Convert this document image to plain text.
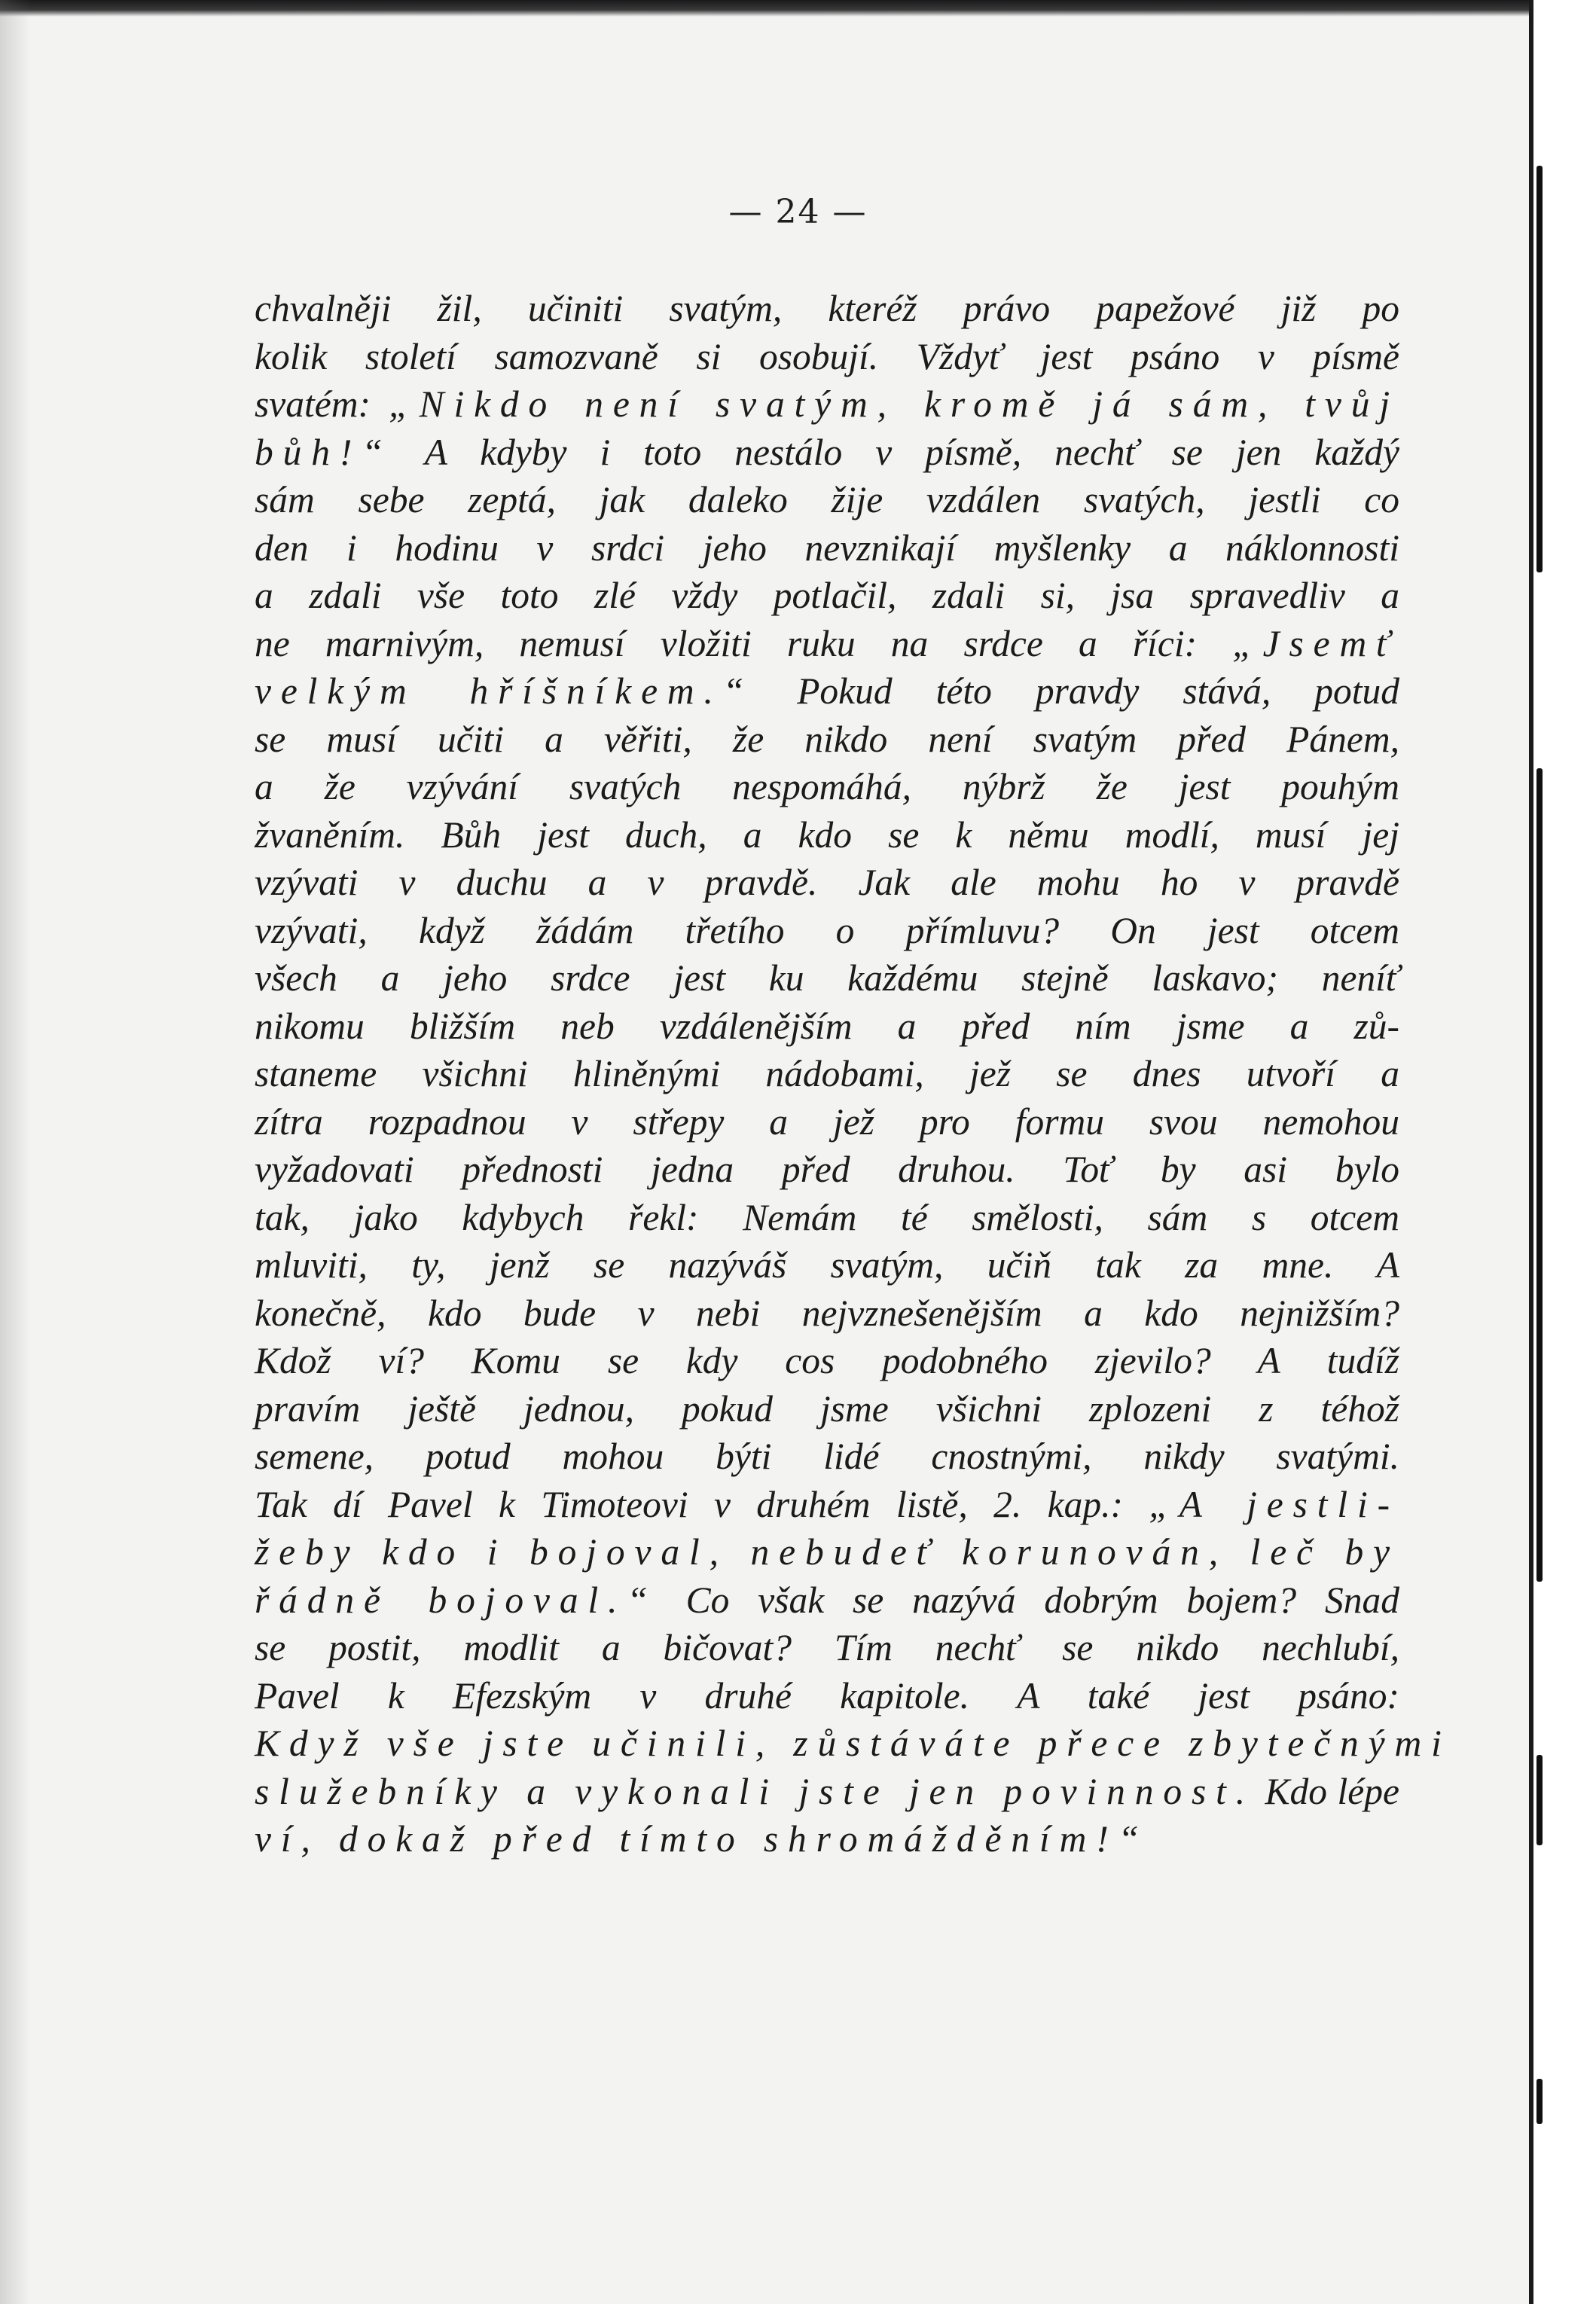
— 24 —

chvalněji žil, učiniti svatým, kteréž právo papežové již po
kolik století samozvaně si osobují. Vždyť jest psáno v písmě
svatém: „Nikdo není svatým, kromě já sám, tvůj
bůh!“ A kdyby i toto nestálo v písmě, nechť se jen každý
sám sebe zeptá, jak daleko žije vzdálen svatých, jestli co
den i hodinu v srdci jeho nevznikají myšlenky a náklonnosti
a zdali vše toto zlé vždy potlačil, zdali si, jsa spravedliv a
ne marnivým, nemusí vložiti ruku na srdce a říci: „Jsemť
velkým hříšníkem.“ Pokud této pravdy stává, potud
se musí učiti a věřiti, že nikdo není svatým před Pánem,
a že vzývání svatých nespomáhá, nýbrž že jest pouhým
žvaněním. Bůh jest duch, a kdo se k němu modlí, musí jej
vzývati v duchu a v pravdě. Jak ale mohu ho v pravdě
vzývati, když žádám třetího o přímluvu? On jest otcem
všech a jeho srdce jest ku každému stejně laskavo; neníť
nikomu bližším neb vzdálenějším a před ním jsme a zů-
staneme všichni hliněnými nádobami, jež se dnes utvoří a
zítra rozpadnou v střepy a jež pro formu svou nemohou
vyžadovati přednosti jedna před druhou. Toť by asi bylo
tak, jako kdybych řekl: Nemám té smělosti, sám s otcem
mluviti, ty, jenž se nazýváš svatým, učiň tak za mne. A
konečně, kdo bude v nebi nejvznešenějším a kdo nejnižším?
Kdož ví? Komu se kdy cos podobného zjevilo? A tudíž
pravím ještě jednou, pokud jsme všichni zplozeni z téhož
semene, potud mohou býti lidé cnostnými, nikdy svatými.
Tak dí Pavel k Timoteovi v druhém listě, 2. kap.: „A jestli-
žeby kdo i bojoval, nebudeť korunován, leč by
řádně bojoval.“ Co však se nazývá dobrým bojem? Snad
se postit, modlit a bičovat? Tím nechť se nikdo nechlubí,
Pavel k Efezským v druhé kapitole. A také jest psáno:
Když vše jste učinili, zůstáváte přece zbytečnými
služebníky a vykonali jste jen povinnost. Kdo lépe
ví, dokaž před tímto shromážděním!“
